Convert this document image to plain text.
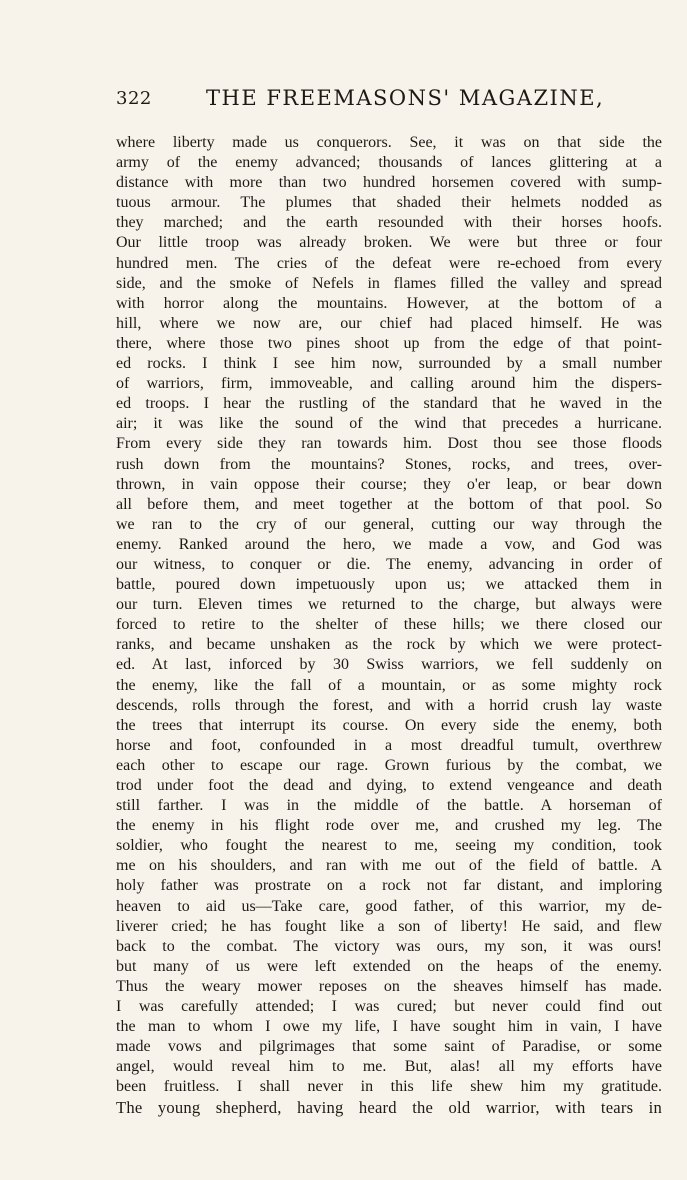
322	THE FREEMASONS' MAGAZINE,
where liberty made us conquerors. See, it was on that side the
army of the enemy advanced; thousands of lances glittering at a
distance with more than two hundred horsemen covered with sump-
tuous armour. The plumes that shaded their helmets nodded as
they marched; and the earth resounded with their horses hoofs.
Our little troop was already broken. We were but three or four
hundred men. The cries of the defeat were re-echoed from every
side, and the smoke of Nefels in flames filled the valley and spread
with horror along the mountains. However, at the bottom of a
hill, where we now are, our chief had placed himself. He was
there, where those two pines shoot up from the edge of that point-
ed rocks. I think I see him now, surrounded by a small number
of warriors, firm, immoveable, and calling around him the dispers-
ed troops. I hear the rustling of the standard that he waved in the
air; it was like the sound of the wind that precedes a hurricane.
From every side they ran towards him. Dost thou see those floods
rush down from the mountains? Stones, rocks, and trees, over-
thrown, in vain oppose their course; they o'er leap, or bear down
all before them, and meet together at the bottom of that pool. So
we ran to the cry of our general, cutting our way through the
enemy. Ranked around the hero, we made a vow, and God was
our witness, to conquer or die. The enemy, advancing in order of
battle, poured down impetuously upon us; we attacked them in
our turn. Eleven times we returned to the charge, but always were
forced to retire to the shelter of these hills; we there closed our
ranks, and became unshaken as the rock by which we were protect-
ed. At last, inforced by 30 Swiss warriors, we fell suddenly on
the enemy, like the fall of a mountain, or as some mighty rock
descends, rolls through the forest, and with a horrid crush lay waste
the trees that interrupt its course. On every side the enemy, both
horse and foot, confounded in a most dreadful tumult, overthrew
each other to escape our rage. Grown furious by the combat, we
trod under foot the dead and dying, to extend vengeance and death
still farther. I was in the middle of the battle. A horseman of
the enemy in his flight rode over me, and crushed my leg. The
soldier, who fought the nearest to me, seeing my condition, took
me on his shoulders, and ran with me out of the field of battle. A
holy father was prostrate on a rock not far distant, and imploring
heaven to aid us—Take care, good father, of this warrior, my de-
liverer cried; he has fought like a son of liberty! He said, and flew
back to the combat. The victory was ours, my son, it was ours!
but many of us were left extended on the heaps of the enemy.
Thus the weary mower reposes on the sheaves himself has made.
I was carefully attended; I was cured; but never could find out
the man to whom I owe my life, I have sought him in vain, I have
made vows and pilgrimages that some saint of Paradise, or some
angel, would reveal him to me. But, alas! all my efforts have
been fruitless. I shall never in this life shew him my gratitude.
The young shepherd, having heard the old warrior, with tears in
